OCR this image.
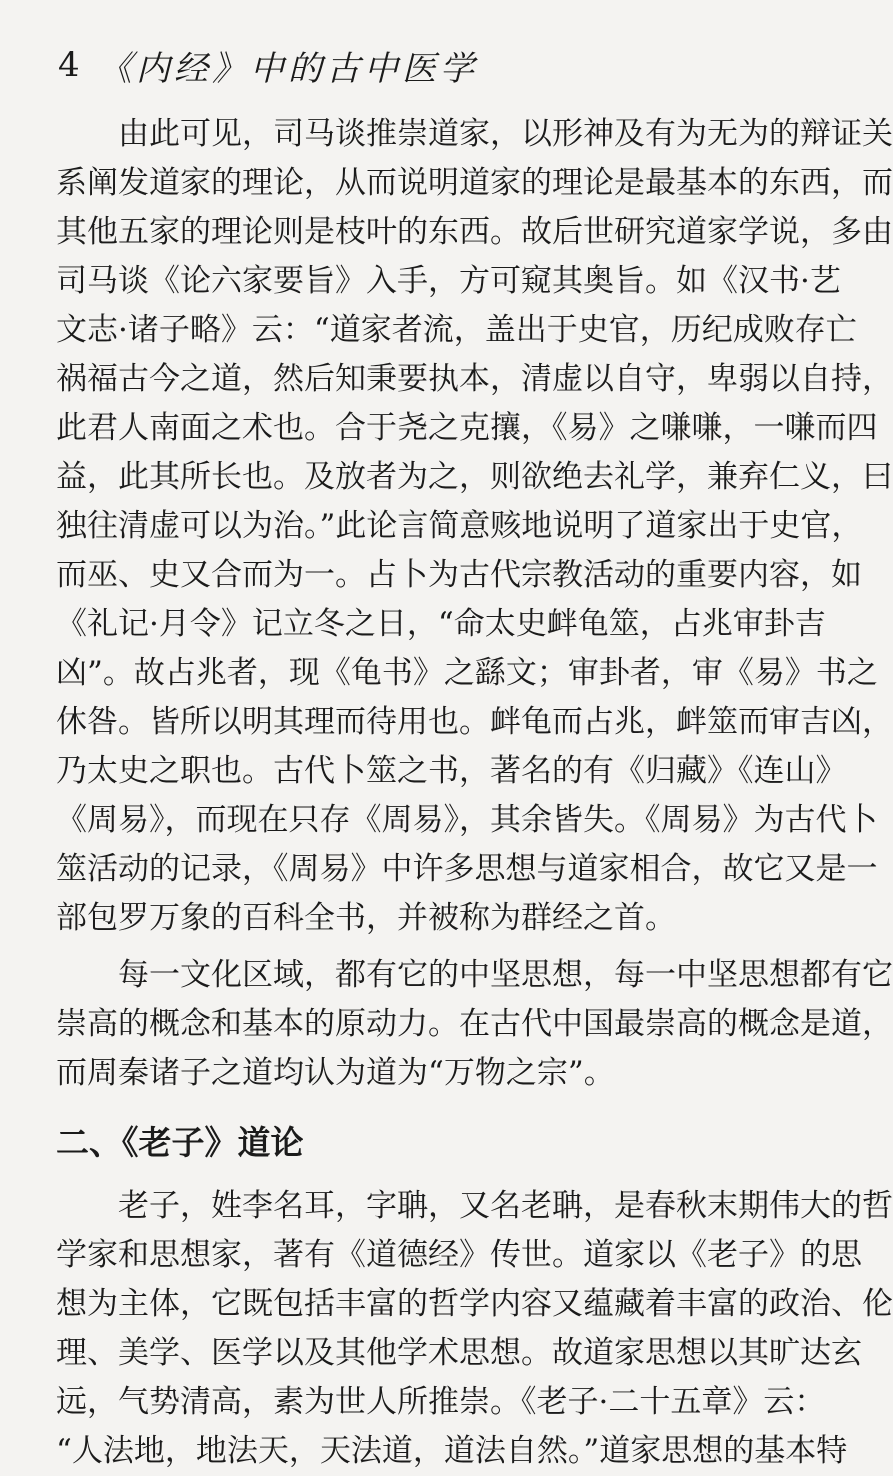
4 《内经》中的古中医学
由此可见，司马谈推崇道家，以形神及有为无为的辩证关
系阐发道家的理论，从而说明道家的理论是最基本的东西，而
其他五家的理论则是枝叶的东西。故后世研究道家学说，多由
司马谈《论六家要旨》入手，方可窥其奥旨。如《汉书·艺
文志·诸子略》云：“道家者流，盖出于史官，历纪成败存亡
祸福古今之道，然后知秉要执本，清虚以自守，卑弱以自持，
此君人南面之术也。合于尧之克攘，《易》之嗛嗛，一嗛而四
益，此其所长也。及放者为之，则欲绝去礼学，兼弃仁义，曰
独往清虚可以为治。”此论言简意赅地说明了道家出于史官，
而巫、史又合而为一。占卜为古代宗教活动的重要内容，如
《礼记·月令》记立冬之日，“命太史衅龟筮，占兆审卦吉
凶”。故占兆者，现《龟书》之繇文；审卦者，审《易》书之
休咎。皆所以明其理而待用也。衅龟而占兆，衅筮而审吉凶，
乃太史之职也。古代卜筮之书，著名的有《归藏》《连山》
《周易》，而现在只存《周易》，其余皆失。《周易》为古代卜
筮活动的记录，《周易》中许多思想与道家相合，故它又是一
部包罗万象的百科全书，并被称为群经之首。
每一文化区域，都有它的中坚思想，每一中坚思想都有它
崇高的概念和基本的原动力。在古代中国最崇高的概念是道，
而周秦诸子之道均认为道为“万物之宗”。
二、《老子》道论
老子，姓李名耳，字聃，又名老聃，是春秋末期伟大的哲
学家和思想家，著有《道德经》传世。道家以《老子》的思
想为主体，它既包括丰富的哲学内容又蕴藏着丰富的政治、伦
理、美学、医学以及其他学术思想。故道家思想以其旷达玄
远，气势清高，素为世人所推崇。《老子·二十五章》云：
“人法地，地法天，天法道，道法自然。”道家思想的基本特
